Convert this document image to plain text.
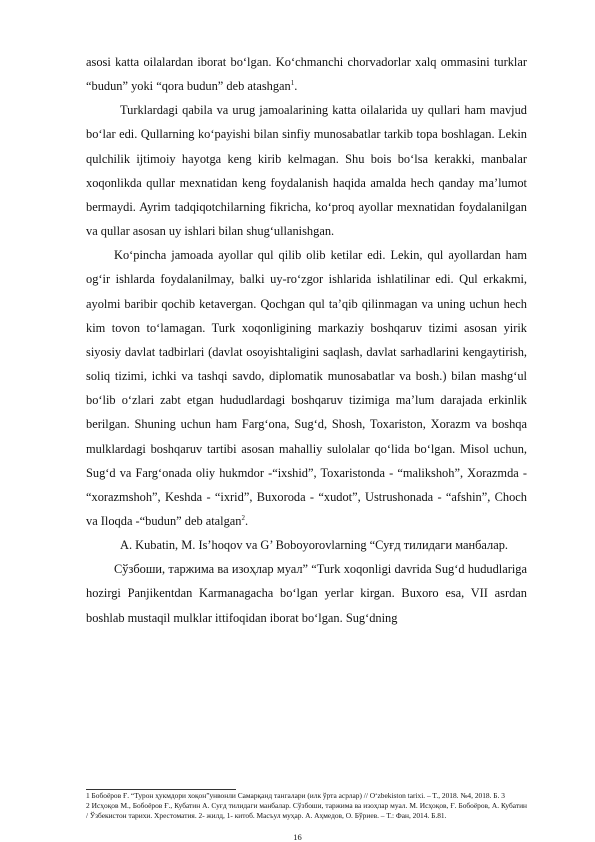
asosi katta oilalardan iborat bo‘lgan. Ko‘chmanchi chorvadorlar xalq ommasini turklar “budun” yoki “qora budun” deb atashgan$^1$.

Turklardagi qabila va urug jamoalarining katta oilalarida uy qullari ham mavjud bo‘lar edi. Qullarning ko‘payishi bilan sinfiy munosabatlar tarkib topa boshlagan. Lekin qulchilik ijtimoiy hayotga keng kirib kelmagan. Shu bois bo‘lsa kerakki, manbalar xoqonlikda qullar mexnatidan keng foydalanish haqida amalda hech qanday ma’lumot bermaydi. Ayrim tadqiqotchilarning fikricha, ko‘proq ayollar mexnatidan foydalanilgan va qullar asosan uy ishlari bilan shug‘ullanishgan.

Ko‘pincha jamoada ayollar qul qilib olib ketilar edi. Lekin, qul ayollardan ham og‘ir ishlarda foydalanilmay, balki uy-ro‘zgor ishlarida ishlatilinar edi. Qul erkakmi, ayolmi baribir qochib ketavergan. Qochgan qul ta’qib qilinmagan va uning uchun hech kim tovon to‘lamagan. Turk xoqonligining markaziy boshqaruv tizimi asosan yirik siyosiy davlat tadbirlari (davlat osoyishtaligini saqlash, davlat sarhadlarini kengaytirish, soliq tizimi, ichki va tashqi savdo, diplomatik munosabatlar va bosh.) bilan mashg‘ul bo‘lib o‘zlari zabt etgan hududlardagi boshqaruv tizimiga ma’lum darajada erkinlik berilgan. Shuning uchun ham Farg‘ona, Sug‘d, Shosh, Toxariston, Xorazm va boshqa mulklardagi boshqaruv tartibi asosan mahalliy sulolalar qo‘lida bo‘lgan. Misol uchun, Sug‘d va Farg‘onada oliy hukmdor -“ixshid”, Toxaristonda - “malikshoh”, Xorazmda - “xorazmshoh”, Keshda - “ixrid”, Buxoroda - “xudot”, Ustrushonada - “afshin”, Choch va Iloqda -“budun” deb atalgan$^2$.

A. Kubatin, M. Is’hoqov va G’ Boboyorovlarning “Суғд тилидаги манбалар.

Сўзбоши, таржима ва изоҳлар муал” “Turk xoqonligi davrida Sug‘d hududlariga hozirgi Panjikentdan Karmanagacha bo‘lgan yerlar kirgan. Buxoro esa, VII asrdan boshlab mustaqil mulklar ittifoqidan iborat bo‘lgan. Sug‘dning

1 Бобоёров Ғ. “Турон ҳукмдори хоқон”унвонли Самарқанд тангалари (илк ўрта асрлар) // O‘zbekiston tarixi. – T., 2018. №4, 2018. Б. 3

2 Исҳоқов М., Бобоёров Ғ., Кубатин А. Суғд тилидаги манбалар. Сўзбоши, таржима ва изоҳлар муал. М. Исҳоқов, Ғ. Бобоёров, А. Кубатин / Ўзбекистон тарихи. Хрестоматия. 2- жилд, 1- китоб. Масъул муҳар. А. Аҳмедов, О. Бўриев. – Т.: Фан, 2014. Б.81.

16
